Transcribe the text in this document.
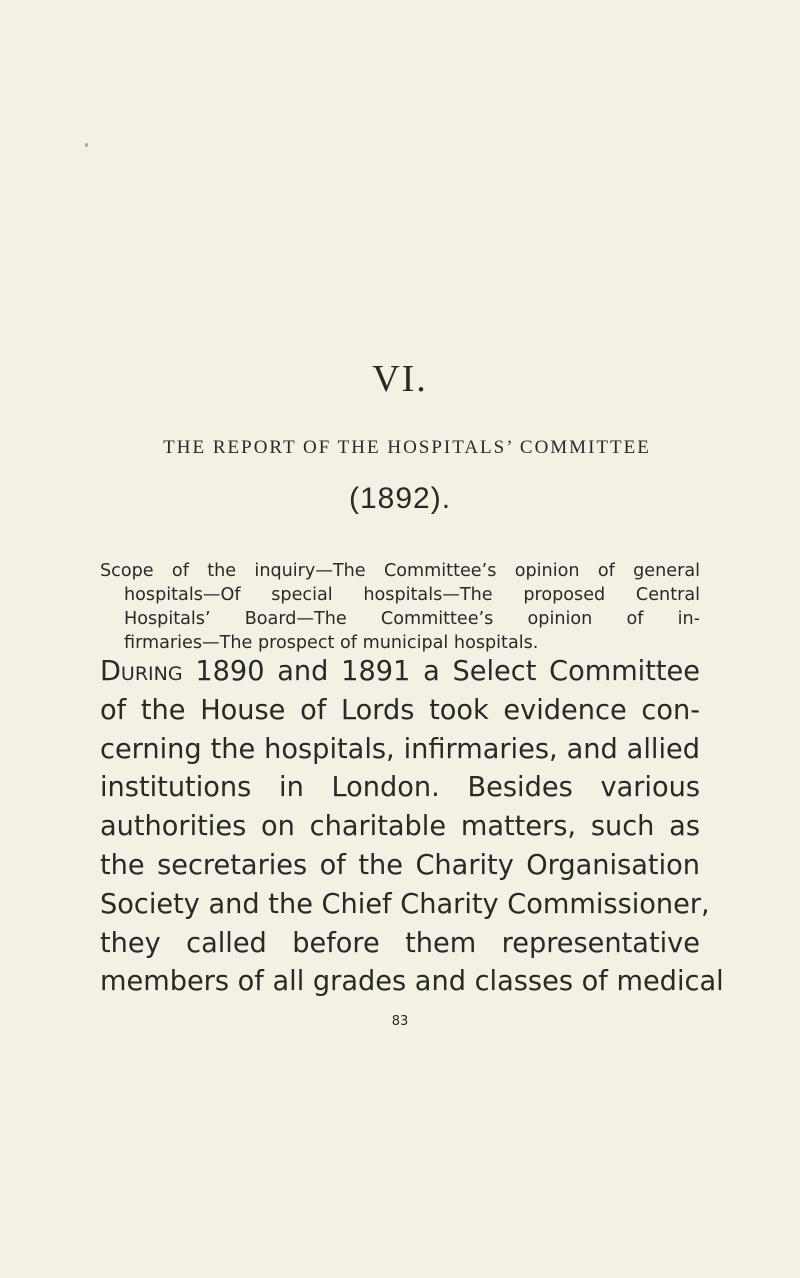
VI.
THE REPORT OF THE HOSPITALS’ COMMITTEE
(1892).
Scope of the inquiry—The Committee’s opinion of general
hospitals—Of special hospitals—The proposed Central
Hospitals’ Board—The Committee’s opinion of in-
firmaries—The prospect of municipal hospitals.
During 1890 and 1891 a Select Committee
of the House of Lords took evidence con-
cerning the hospitals, infirmaries, and allied
institutions in London. Besides various
authorities on charitable matters, such as
the secretaries of the Charity Organisation
Society and the Chief Charity Commissioner,
they called before them representative
members of all grades and classes of medical
83
